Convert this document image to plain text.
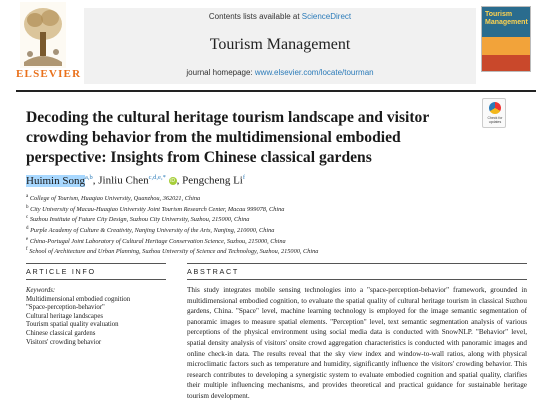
ELSEVIER
Contents lists available at ScienceDirect
Tourism Management
journal homepage: www.elsevier.com/locate/tourman
Tourism Management
Check for updates
Decoding the cultural heritage tourism landscape and visitor crowding behavior from the multidimensional embodied perspective: Insights from Chinese classical gardens
Huimin Song$^{a,b}$, Jinliu Chen$^{c,d,e,*}$ iD , Pengcheng Li$^f$
$^a$ College of Tourism, Huaqiao University, Quanzhou, 362021, China
$^b$ City University of Macau-Huaqiao University Joint Tourism Research Center, Macau 999078, China
$^c$ Suzhou Institute of Future City Design, Suzhou City University, Suzhou, 215000, China
$^d$ Purple Academy of Culture & Creativity, Nanjing University of the Arts, Nanjing, 210000, China
$^e$ China-Portugal Joint Laboratory of Cultural Heritage Conservation Science, Suzhou, 215000, China
$^f$ School of Architecture and Urban Planning, Suzhou University of Science and Technology, Suzhou, 215000, China
ARTICLE INFO
Keywords:
Multidimensional embodied cognition
"Space-perception-behavior"
Cultural heritage landscapes
Tourism spatial quality evaluation
Chinese classical gardens
Visitors' crowding behavior
ABSTRACT

This study integrates mobile sensing technologies into a "space-perception-behavior" framework, grounded in multidimensional embodied cognition, to evaluate the spatial quality of cultural heritage tourism in classical Suzhou gardens, China. "Space" level, machine learning technology is employed for the image semantic segmentation of panoramic images to measure spatial elements. "Perception" level, text semantic segmentation analysis of various perceptions of the physical environment using social media data is conducted with SnowNLP. "Behavior" level, spatial density analysis of visitors' onsite crowd aggregation characteristics is conducted with panoramic images and online check-in data. The results reveal that the sky view index and window-to-wall ratios, along with physical microclimatic factors such as temperature and humidity, significantly influence the visitors' crowding behavior. This research contributes to developing a synergistic system to evaluate embodied cognition and spatial quality, clarifies their multiple influencing mechanisms, and provides theoretical and practical guidance for sustainable heritage tourism development.
